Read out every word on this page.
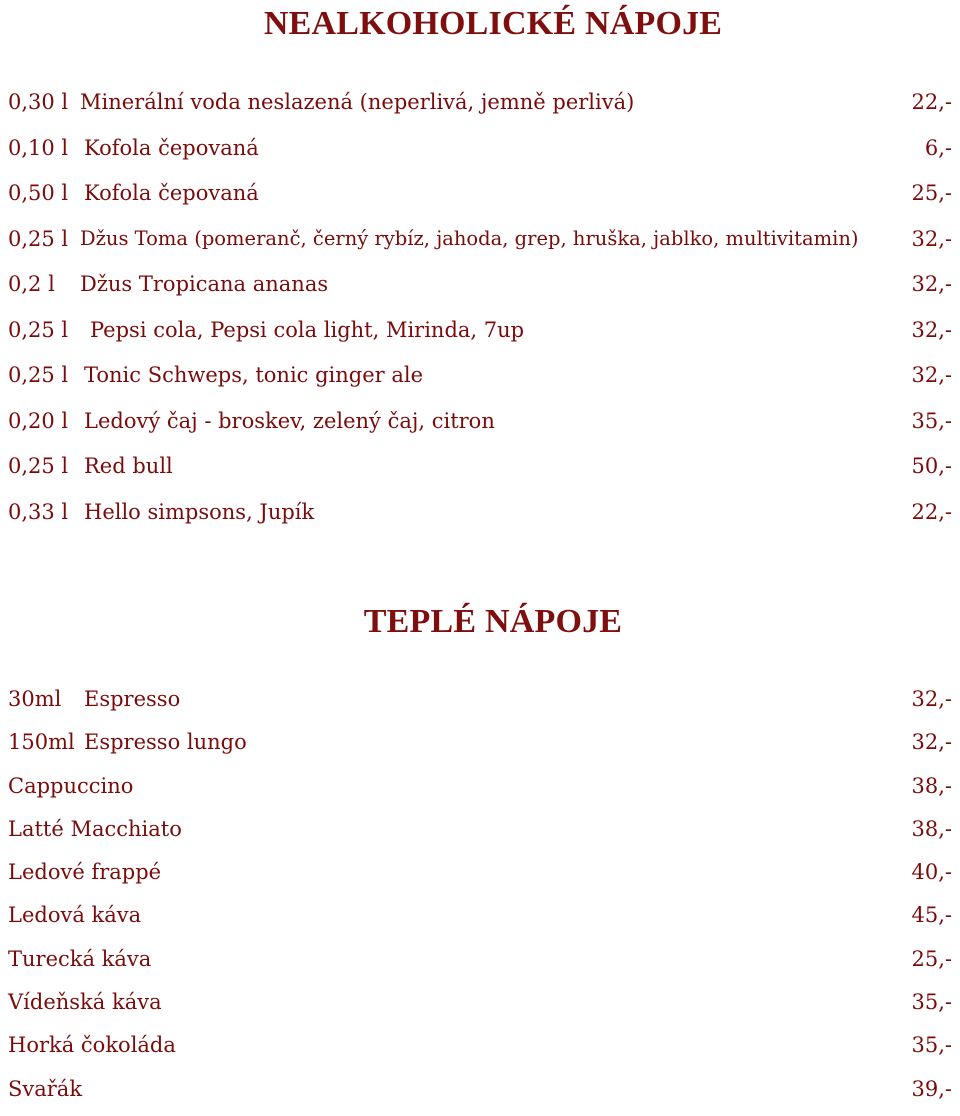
NEALKOHOLICKÉ NÁPOJE
0,30 l Minerální voda neslazená (neperlivá, jemně perlivá)	22,-
0,10 l Kofola čepovaná	6,-
0,50 l Kofola čepovaná	25,-
0,25 l Džus Toma (pomeranč, černý rybíz, jahoda, grep, hruška, jablko, multivitamin)	32,-
0,2 l Džus Tropicana ananas	32,-
0,25 l Pepsi cola, Pepsi cola light, Mirinda, 7up	32,-
0,25 l Tonic Schweps, tonic ginger ale	32,-
0,20 l Ledový čaj - broskev, zelený čaj, citron	35,-
0,25 l Red bull	50,-
0,33 l Hello simpsons, Jupík	22,-
TEPLÉ NÁPOJE
30ml Espresso	32,-
150ml Espresso lungo	32,-
Cappuccino	38,-
Latté Macchiato	38,-
Ledové frappé	40,-
Ledová káva	45,-
Turecká káva	25,-
Vídeňská káva	35,-
Horká čokoláda	35,-
Svařák	39,-
